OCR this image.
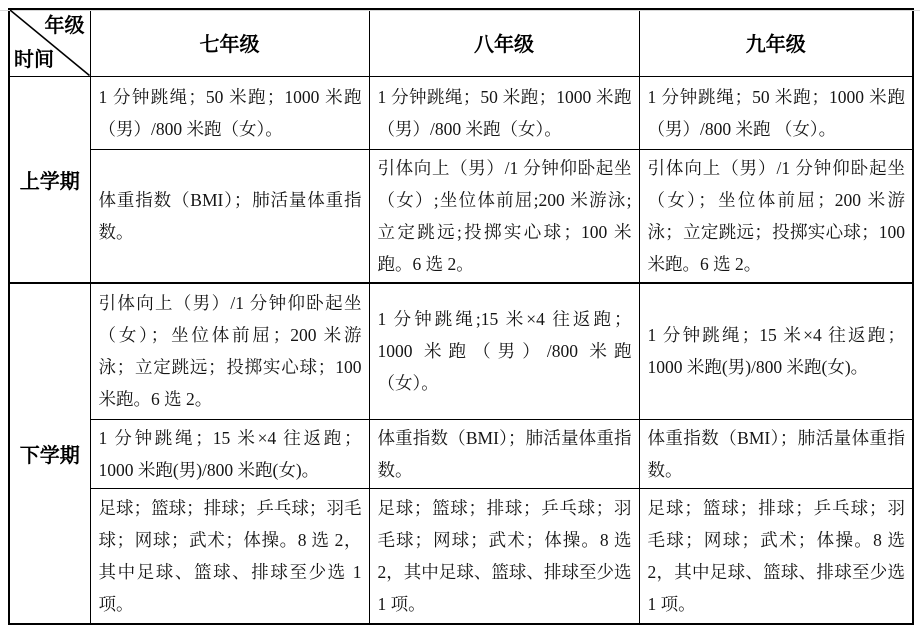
年级
时间	七年级	八年级	九年级
上学期	1 分钟跳绳；50 米跑；1000 米跑（男）/800 米跑（女）。	1 分钟跳绳；50 米跑；1000 米跑（男）/800 米跑（女）。	1 分钟跳绳；50 米跑；1000 米跑（男）/800 米跑 （女）。
	体重指数（BMI）；肺活量体重指数。	引体向上（男）/1 分钟仰卧起坐（女）;坐位体前屈;200 米游泳;立定跳远;投掷实心球；100 米跑。6 选 2。	引体向上（男）/1 分钟仰卧起坐（女）；坐位体前屈；200 米游泳；立定跳远；投掷实心球；100 米跑。6 选 2。
下学期	引体向上（男）/1 分钟仰卧起坐（女）；坐位体前屈；200 米游泳；立定跳远；投掷实心球；100 米跑。6 选 2。	1 分钟跳绳;15 米×4 往返跑；1000 米跑（男）/800 米跑（女）。	1 分钟跳绳；15 米×4 往返跑；1000 米跑(男)/800 米跑(女)。
	1 分钟跳绳；15 米×4 往返跑；1000 米跑(男)/800 米跑(女)。	体重指数（BMI）；肺活量体重指数。	体重指数（BMI）；肺活量体重指数。
	足球；篮球；排球；乒乓球；羽毛球；网球；武术；体操。8 选 2，其中足球、篮球、排球至少选 1 项。	足球；篮球；排球；乒乓球；羽毛球；网球；武术；体操。8 选 2，其中足球、篮球、排球至少选 1 项。	足球；篮球；排球；乒乓球；羽毛球；网球；武术；体操。8 选 2，其中足球、篮球、排球至少选 1 项。
